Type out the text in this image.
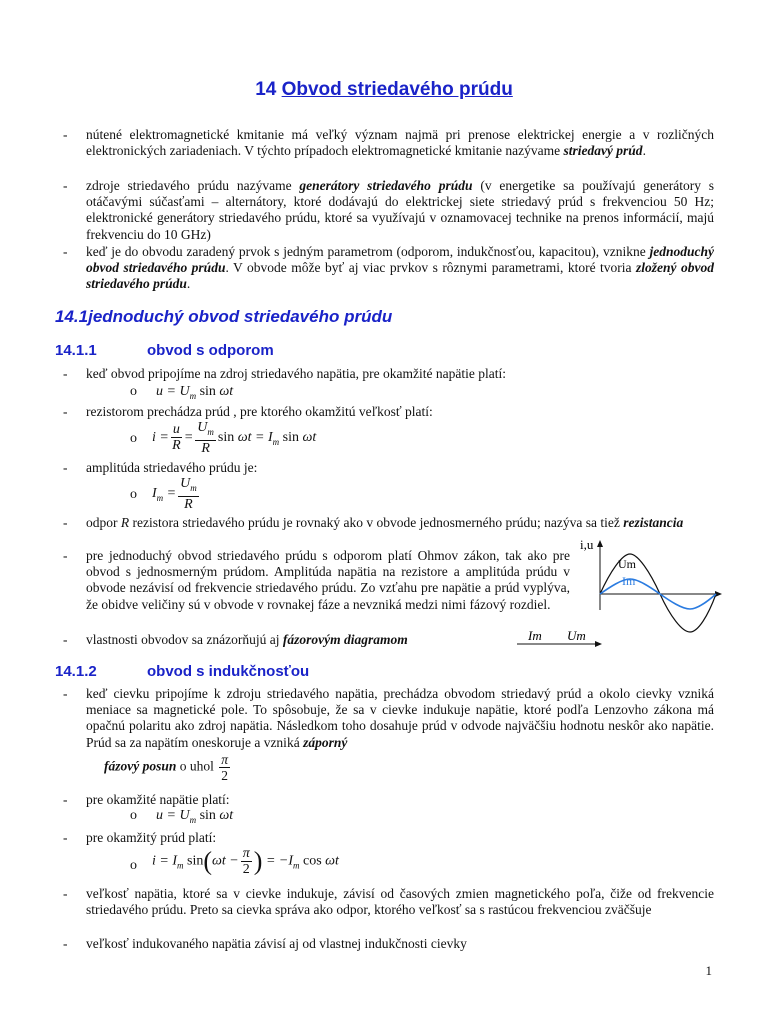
14 Obvod striedavého prúdu
- nútené elektromagnetické kmitanie má veľký význam najmä pri prenose elektrickej energie a v rozličných elektronických zariadeniach. V týchto prípadoch elektromagnetické kmitanie nazývame striedavý prúd.
- zdroje striedavého prúdu nazývame generátory striedavého prúdu (v energetike sa používajú generátory s otáčavými súčasťami – alternátory, ktoré dodávajú do elektrickej siete striedavý prúd s frekvenciou 50 Hz; elektronické generátory striedavého prúdu, ktoré sa využívajú v oznamovacej technike na prenos informácií, majú frekvenciu do 10 GHz)
- keď je do obvodu zaradený prvok s jedným parametrom (odporom, indukčnosťou, kapacitou), vznikne jednoduchý obvod striedavého prúdu. V obvode môže byť aj viac prvkov s rôznymi parametrami, ktoré tvoria zložený obvod striedavého prúdu.
14.1jednoduchý obvod striedavého prúdu
14.1.1	obvod s odporom
- keď obvod pripojíme na zdroj striedavého napätia, pre okamžité napätie platí:
o $u = U_m$ sin ωt
- rezistorom prechádza prúd , pre ktorého okamžitú veľkosť platí:
o $i = \frac{u}{R} = \frac{U_m}{R}$ $\sin \omega t = I_m$ sin ωt
- amplitúda striedavého prúdu je:
o $I_m = \frac{U_m}{R}$
- odpor R rezistora striedavého prúdu je rovnaký ako v obvode jednosmerného prúdu; nazýva sa tiež rezistancia
- pre jednoduchý obvod striedavého prúdu s odporom platí Ohmov zákon, tak ako pre obvod s jednosmerným prúdom. Amplitúda napätia na rezistore a amplitúda prúdu v obvode nezávisí od frekvencie striedavého prúdu. Zo vzťahu pre napätie a prúd vyplýva, že obidve veličiny sú v obvode v rovnakej fáze a nevzniká medzi nimi fázový rozdiel.
- vlastnosti obvodov sa znázorňujú aj fázorovým diagramom
i,u
Um
Im
Im Um
14.1.2	obvod s indukčnosťou
- keď cievku pripojíme k zdroju striedavého napätia, prechádza obvodom striedavý prúd a okolo cievky vzniká meniace sa magnetické pole. To spôsobuje, že sa v cievke indukuje napätie, ktoré podľa Lenzovho zákona má opačnú polaritu ako zdroj napätia. Následkom toho dosahuje prúd v odvode najväčšiu hodnotu neskôr ako napätie. Prúd sa za napätím oneskoruje a vzniká záporný
fázový posun o uhol $\frac{\pi}{2}$
- pre okamžité napätie platí:
o $u = U_m$ sin ωt
- pre okamžitý prúd platí:
o $i = I_m$ $\sin(\omega t - \frac{\pi}{2}$ ) = $-I_m$ cos ωt
- veľkosť napätia, ktoré sa v cievke indukuje, závisí od časových zmien magnetického poľa, čiže od frekvencie striedavého prúdu. Preto sa cievka správa ako odpor, ktorého veľkosť sa s rastúcou frekvenciou zväčšuje
- veľkosť indukovaného napätia závisí aj od vlastnej indukčnosti cievky
1
